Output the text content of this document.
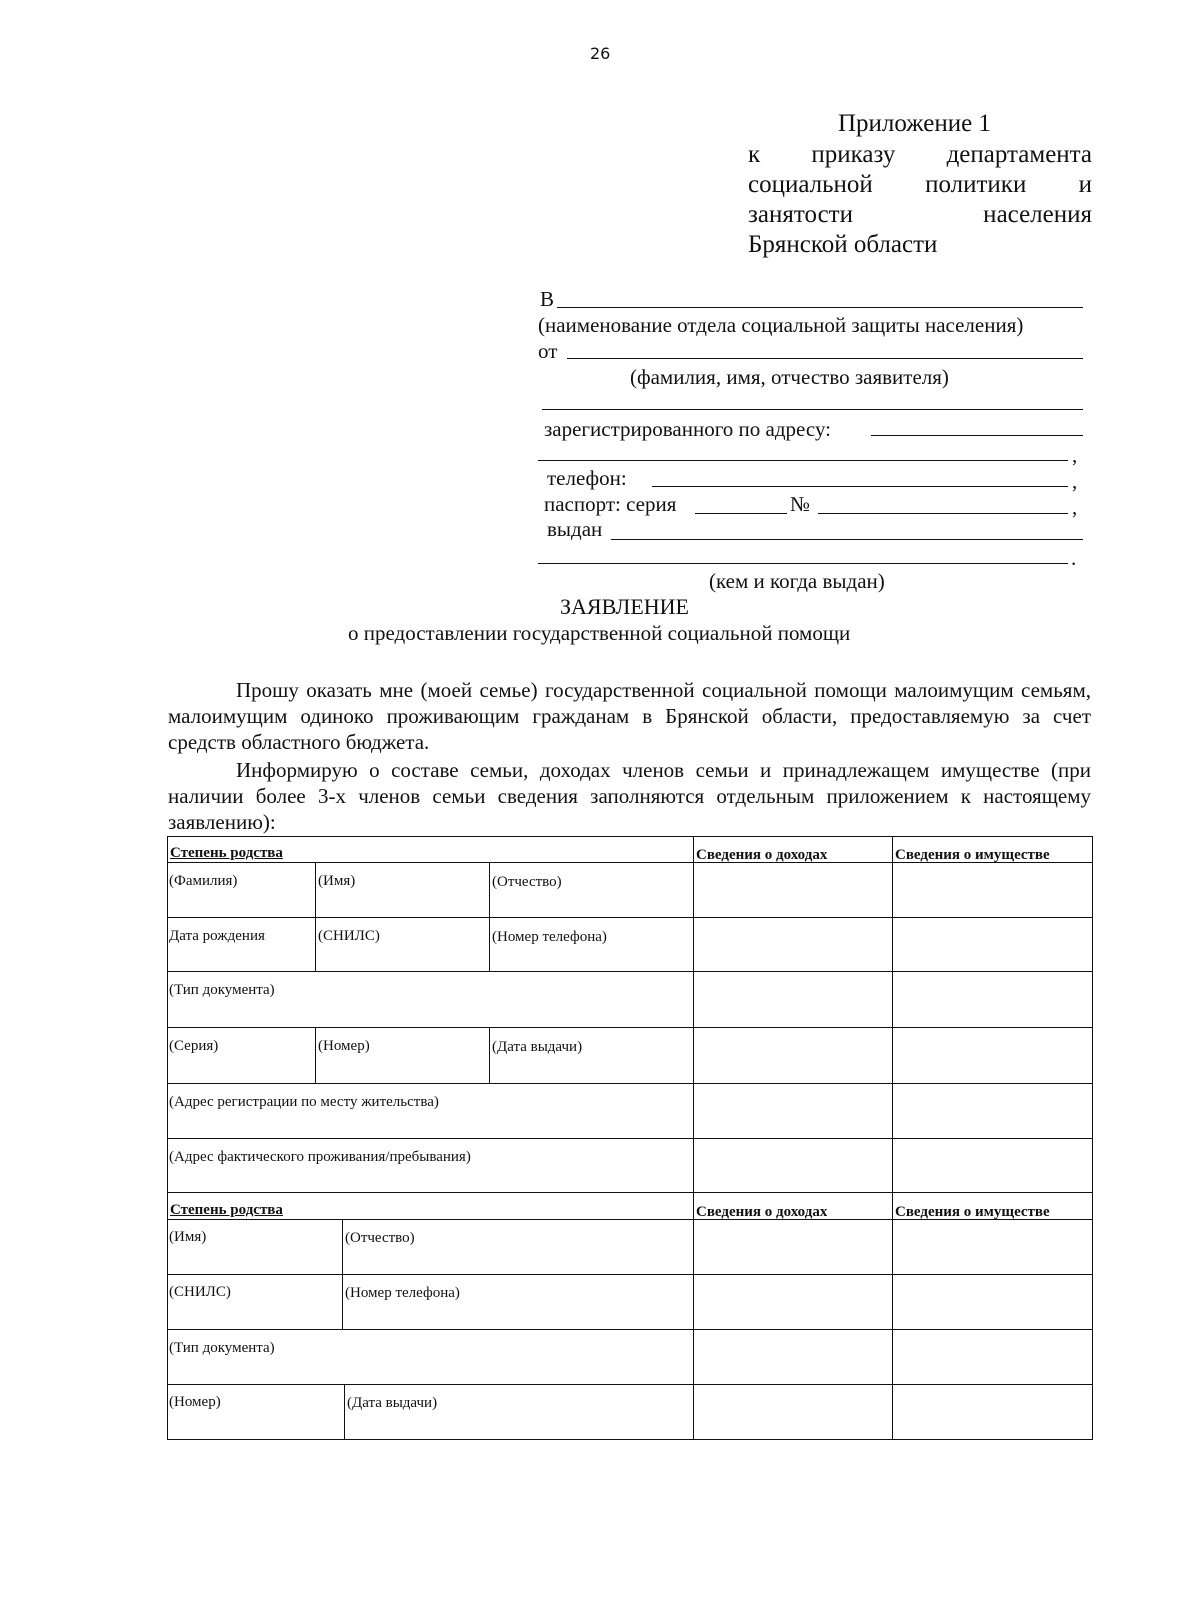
26
Приложение 1
к приказу департамента
социальной политики и
занятости населения
Брянской области
В
(наименование отдела социальной защиты населения)
от
(фамилия, имя, отчество заявителя)
зарегистрированного по адресу:
,
телефон:	,
паспорт: серия	№	,
выдан
.
(кем и когда выдан)
ЗАЯВЛЕНИЕ
о предоставлении государственной социальной помощи
Прошу оказать мне (моей семье) государственной социальной помощи малоимущим семьям, малоимущим одиноко проживающим гражданам в Брянской области, предоставляемую за счет средств областного бюджета.
Информирую о составе семьи, доходах членов семьи и принадлежащем имуществе (при наличии более 3-х членов семьи сведения заполняются отдельным приложением к настоящему заявлению):
Степень родства	Сведения о доходах	Сведения о имуществе
(Фамилия)	(Имя)	(Отчество)
Дата рождения	(СНИЛС)	(Номер телефона)
(Тип документа)
(Серия)	(Номер)	(Дата выдачи)
(Адрес регистрации по месту жительства)
(Адрес фактического проживания/пребывания)
Степень родства	Сведения о доходах	Сведения о имуществе
(Имя)	(Отчество)
(СНИЛС)	(Номер телефона)
(Тип документа)
(Номер)	(Дата выдачи)
